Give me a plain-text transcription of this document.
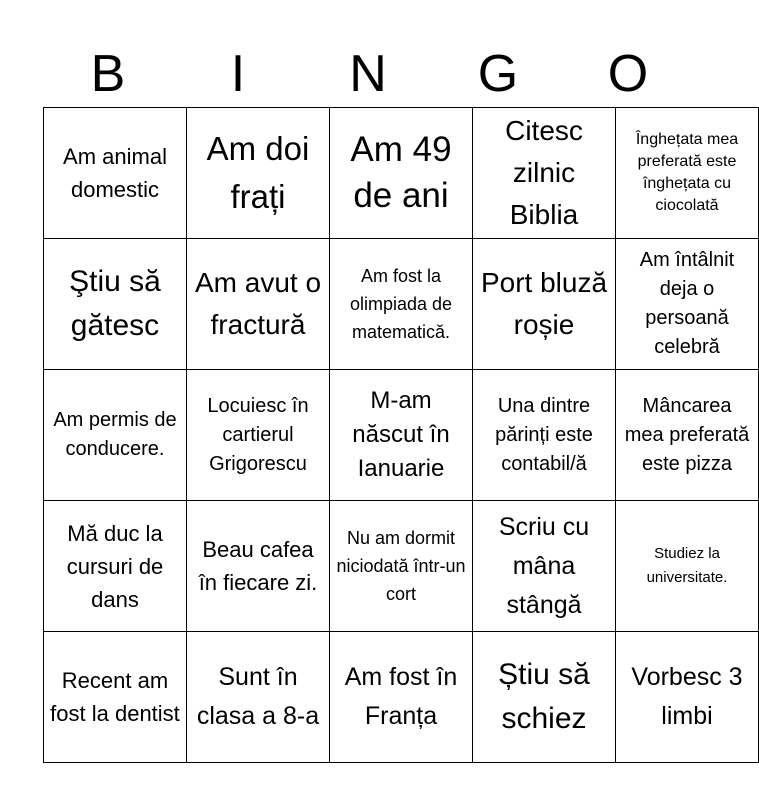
B	I	N	G	O
Am animal domestic	Am doi frați	Am 49 de ani	Citesc zilnic Biblia	Înghețata mea preferată este înghețata cu ciocolată
Ştiu să gătesc	Am avut o fractură	Am fost la olimpiada de matematică.	Port bluză roșie	Am întâlnit deja o persoană celebră
Am permis de conducere.	Locuiesc în cartierul Grigorescu	M-am născut în Ianuarie	Una dintre părinți este contabil/ă	Mâncarea mea preferată este pizza
Mă duc la cursuri de dans	Beau cafea în fiecare zi.	Nu am dormit niciodată într-un cort	Scriu cu mâna stângă	Studiez la universitate.
Recent am fost la dentist	Sunt în clasa a 8-a	Am fost în Franța	Știu să schiez	Vorbesc 3 limbi
